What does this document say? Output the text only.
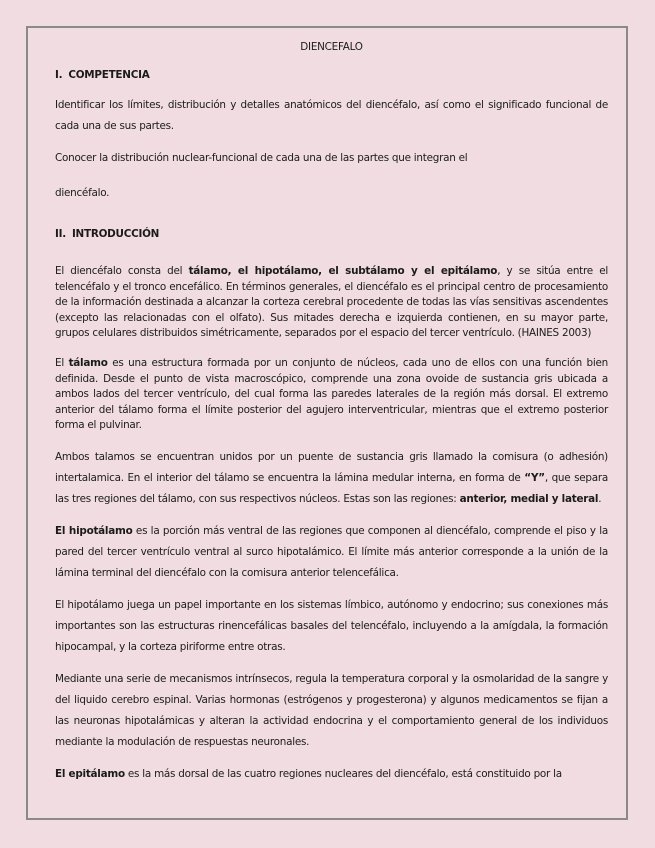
DIENCEFALO
I. COMPETENCIA

Identificar los límites, distribución y detalles anatómicos del diencéfalo, así como el significado funcional de cada una de sus partes.

Conocer la distribución nuclear-funcional de cada una de las partes que integran el

diencéfalo.

II. INTRODUCCIÓN

El diencéfalo consta del tálamo, el hipotálamo, el subtálamo y el epitálamo, y se sitúa entre el telencéfalo y el tronco encefálico. En términos generales, el diencéfalo es el principal centro de procesamiento de la información destinada a alcanzar la corteza cerebral procedente de todas las vías sensitivas ascendentes (excepto las relacionadas con el olfato). Sus mitades derecha e izquierda contienen, en su mayor parte, grupos celulares distribuidos simétricamente, separados por el espacio del tercer ventrículo. (HAINES 2003)

El tálamo es una estructura formada por un conjunto de núcleos, cada uno de ellos con una función bien definida. Desde el punto de vista macroscópico, comprende una zona ovoide de sustancia gris ubicada a ambos lados del tercer ventrículo, del cual forma las paredes laterales de la región más dorsal. El extremo anterior del tálamo forma el límite posterior del agujero interventricular, mientras que el extremo posterior forma el pulvinar.

Ambos talamos se encuentran unidos por un puente de sustancia gris llamado la comisura (o adhesión) intertalamica. En el interior del tálamo se encuentra la lámina medular interna, en forma de “Y”, que separa las tres regiones del tálamo, con sus respectivos núcleos. Estas son las regiones: anterior, medial y lateral.

El hipotálamo es la porción más ventral de las regiones que componen al diencéfalo, comprende el piso y la pared del tercer ventrículo ventral al surco hipotalámico. El límite más anterior corresponde a la unión de la lámina terminal del diencéfalo con la comisura anterior telencefálica.

El hipotálamo juega un papel importante en los sistemas límbico, autónomo y endocrino; sus conexiones más importantes son las estructuras rinencefálicas basales del telencéfalo, incluyendo a la amígdala, la formación hipocampal, y la corteza piriforme entre otras.

Mediante una serie de mecanismos intrínsecos, regula la temperatura corporal y la osmolaridad de la sangre y del liquido cerebro espinal. Varias hormonas (estrógenos y progesterona) y algunos medicamentos se fijan a las neuronas hipotalámicas y alteran la actividad endocrina y el comportamiento general de los individuos mediante la modulación de respuestas neuronales.

El epitálamo es la más dorsal de las cuatro regiones nucleares del diencéfalo, está constituido por la
